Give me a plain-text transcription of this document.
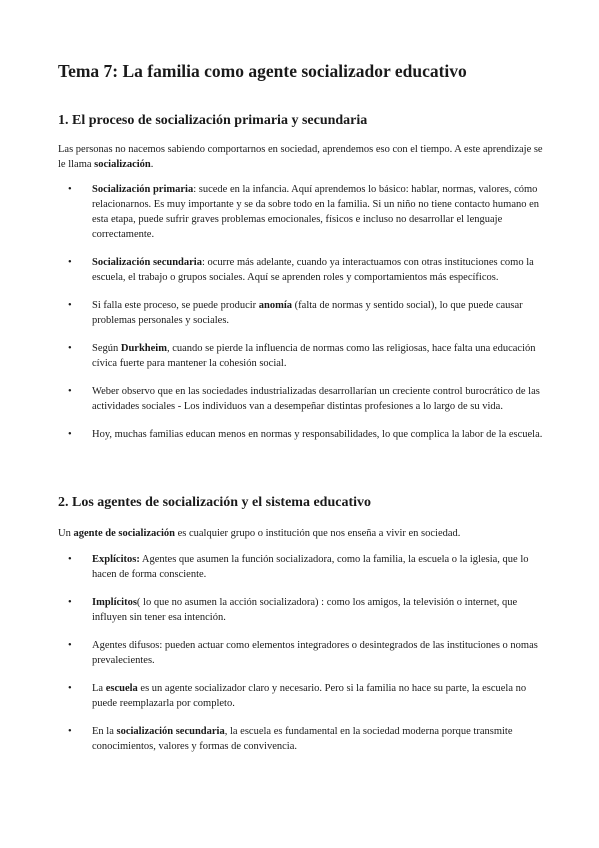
Tema 7: La familia como agente socializador educativo
1. El proceso de socialización primaria y secundaria

Las personas no nacemos sabiendo comportarnos en sociedad, aprendemos eso con el tiempo. A este aprendizaje se le llama socialización.

• Socialización primaria: sucede en la infancia. Aquí aprendemos lo básico: hablar, normas, valores, cómo relacionarnos. Es muy importante y se da sobre todo en la familia. Si un niño no tiene contacto humano en esta etapa, puede sufrir graves problemas emocionales, físicos e incluso no desarrollar el lenguaje correctamente.
• Socialización secundaria: ocurre más adelante, cuando ya interactuamos con otras instituciones como la escuela, el trabajo o grupos sociales. Aquí se aprenden roles y comportamientos más específicos.
• Si falla este proceso, se puede producir anomía (falta de normas y sentido social), lo que puede causar problemas personales y sociales.
• Según Durkheim, cuando se pierde la influencia de normas como las religiosas, hace falta una educación cívica fuerte para mantener la cohesión social.
• Weber observo que en las sociedades industrializadas desarrollarían un creciente control burocrático de las actividades sociales - Los individuos van a desempeñar distintas profesiones a lo largo de su vida.
• Hoy, muchas familias educan menos en normas y responsabilidades, lo que complica la labor de la escuela.
2. Los agentes de socialización y el sistema educativo

Un agente de socialización es cualquier grupo o institución que nos enseña a vivir en sociedad.

• Explícitos: Agentes que asumen la función socializadora, como la familia, la escuela o la iglesia, que lo hacen de forma consciente.
• Implícitos( lo que no asumen la acción socializadora) : como los amigos, la televisión o internet, que influyen sin tener esa intención.
• Agentes difusos: pueden actuar como elementos integradores o desintegrados de las instituciones o nomas prevalecientes.
• La escuela es un agente socializador claro y necesario. Pero si la familia no hace su parte, la escuela no puede reemplazarla por completo.
• En la socialización secundaria, la escuela es fundamental en la sociedad moderna porque transmite conocimientos, valores y formas de convivencia.
